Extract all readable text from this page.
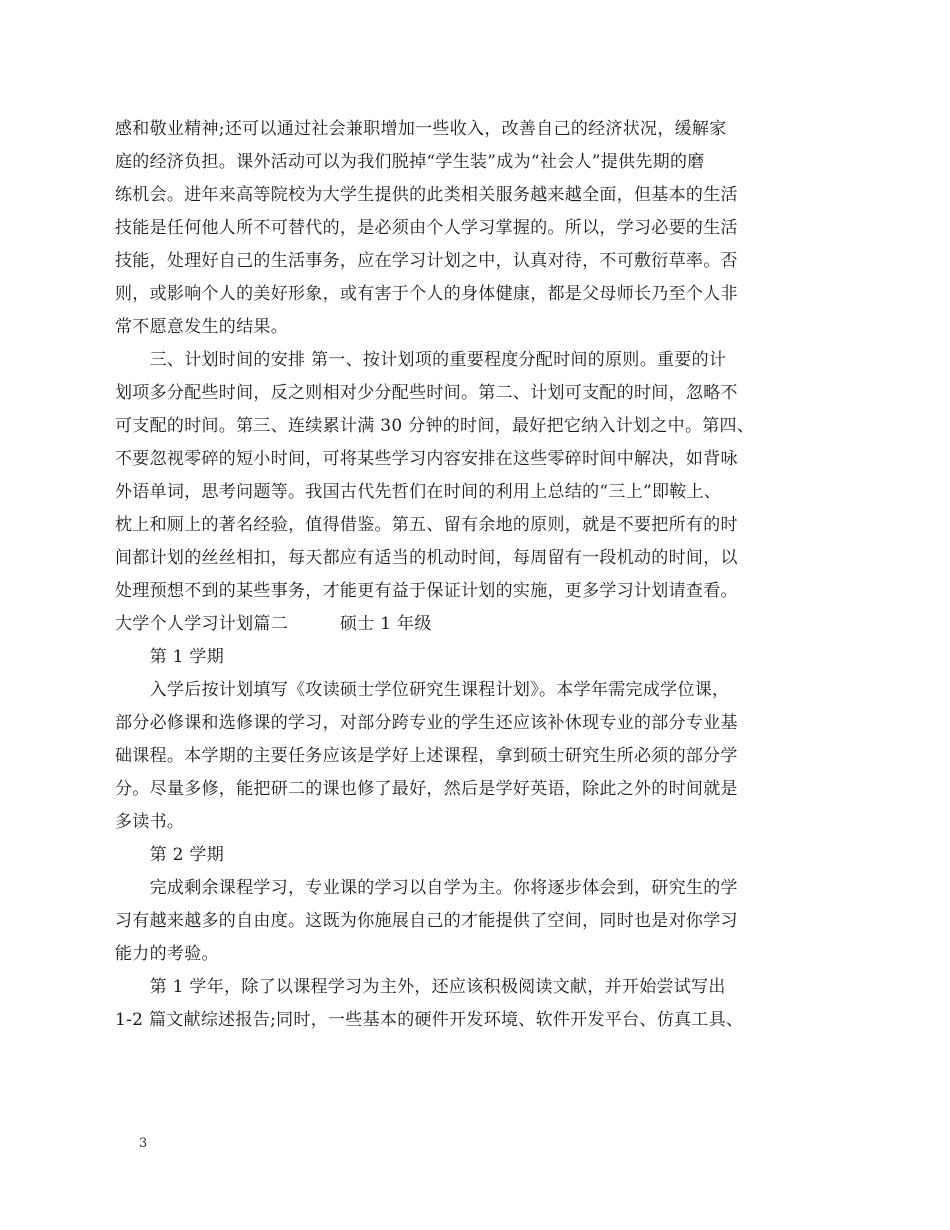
感和敬业精神;还可以通过社会兼职增加一些收入，改善自己的经济状况，缓解家
庭的经济负担。课外活动可以为我们脱掉“学生装”成为“社会人”提供先期的磨
练机会。进年来高等院校为大学生提供的此类相关服务越来越全面，但基本的生活
技能是任何他人所不可替代的，是必须由个人学习掌握的。所以，学习必要的生活
技能，处理好自己的生活事务，应在学习计划之中，认真对待，不可敷衍草率。否
则，或影响个人的美好形象，或有害于个人的身体健康，都是父母师长乃至个人非
常不愿意发生的结果。
　　三、计划时间的安排 第一、按计划项的重要程度分配时间的原则。重要的计
划项多分配些时间，反之则相对少分配些时间。第二、计划可支配的时间，忽略不
可支配的时间。第三、连续累计满 30 分钟的时间，最好把它纳入计划之中。第四、
不要忽视零碎的短小时间，可将某些学习内容安排在这些零碎时间中解决，如背咏
外语单词，思考问题等。我国古代先哲们在时间的利用上总结的“三上”即鞍上、
枕上和厕上的著名经验，值得借鉴。第五、留有余地的原则，就是不要把所有的时
间都计划的丝丝相扣，每天都应有适当的机动时间，每周留有一段机动的时间，以
处理预想不到的某些事务，才能更有益于保证计划的实施，更多学习计划请查看。
大学个人学习计划篇二　　　硕士 1 年级
　　第 1 学期
　　入学后按计划填写《攻读硕士学位研究生课程计划》。本学年需完成学位课，
部分必修课和选修课的学习，对部分跨专业的学生还应该补休现专业的部分专业基
础课程。本学期的主要任务应该是学好上述课程，拿到硕士研究生所必须的部分学
分。尽量多修，能把研二的课也修了最好，然后是学好英语，除此之外的时间就是
多读书。
　　第 2 学期
　　完成剩余课程学习，专业课的学习以自学为主。你将逐步体会到，研究生的学
习有越来越多的自由度。这既为你施展自己的才能提供了空间，同时也是对你学习
能力的考验。
　　第 1 学年，除了以课程学习为主外，还应该积极阅读文献，并开始尝试写出
1-2 篇文献综述报告;同时，一些基本的硬件开发环境、软件开发平台、仿真工具、
3
